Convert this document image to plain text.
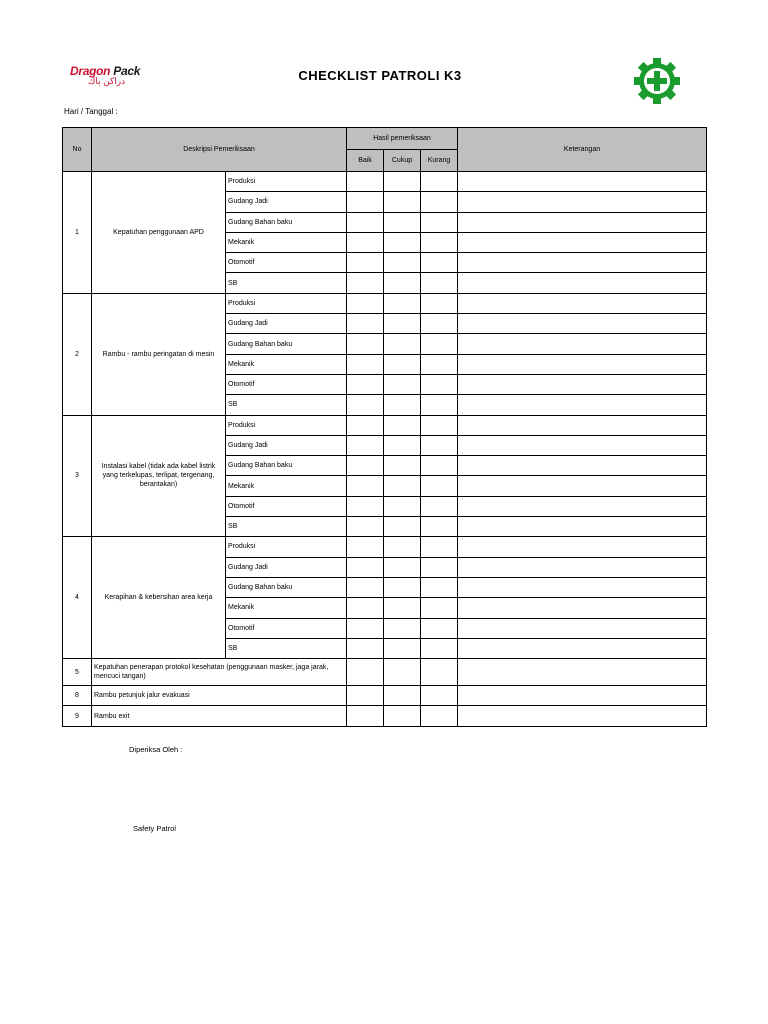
Dragon Pack
دراكن باك	CHECKLIST PATROLI K3
Hari / Tanggal :
No	Deskripsi Pemeriksaan		Hasil pemeriksaan			Keterangan
			Baik	Cukup	Kurang	
1	Kepatuhan penggunaan APD	Produksi				
		Gudang Jadi				
		Gudang Bahan baku				
		Mekanik				
		Otomotif				
		SB				
2	Rambu - rambu peringatan di mesin	Produksi				
		Gudang Jadi				
		Gudang Bahan baku				
		Mekanik				
		Otomotif				
		SB				
3	Instalasi kabel (tidak ada kabel listrik yang terkelupas, terlipat, tergenang, berantakan)	Produksi				
		Gudang Jadi				
		Gudang Bahan baku				
		Mekanik				
		Otomotif				
		SB				
4	Kerapihan & kebersihan area kerja	Produksi				
		Gudang Jadi				
		Gudang Bahan baku				
		Mekanik				
		Otomotif				
		SB				
5	Kepatuhan penerapan protokol kesehatan (penggunaan masker, jaga jarak, mencuci tangan)					
8	Rambu petunjuk jalur evakuasi					
9	Rambu exit					
Diperiksa Oleh :
Safety Patrol
